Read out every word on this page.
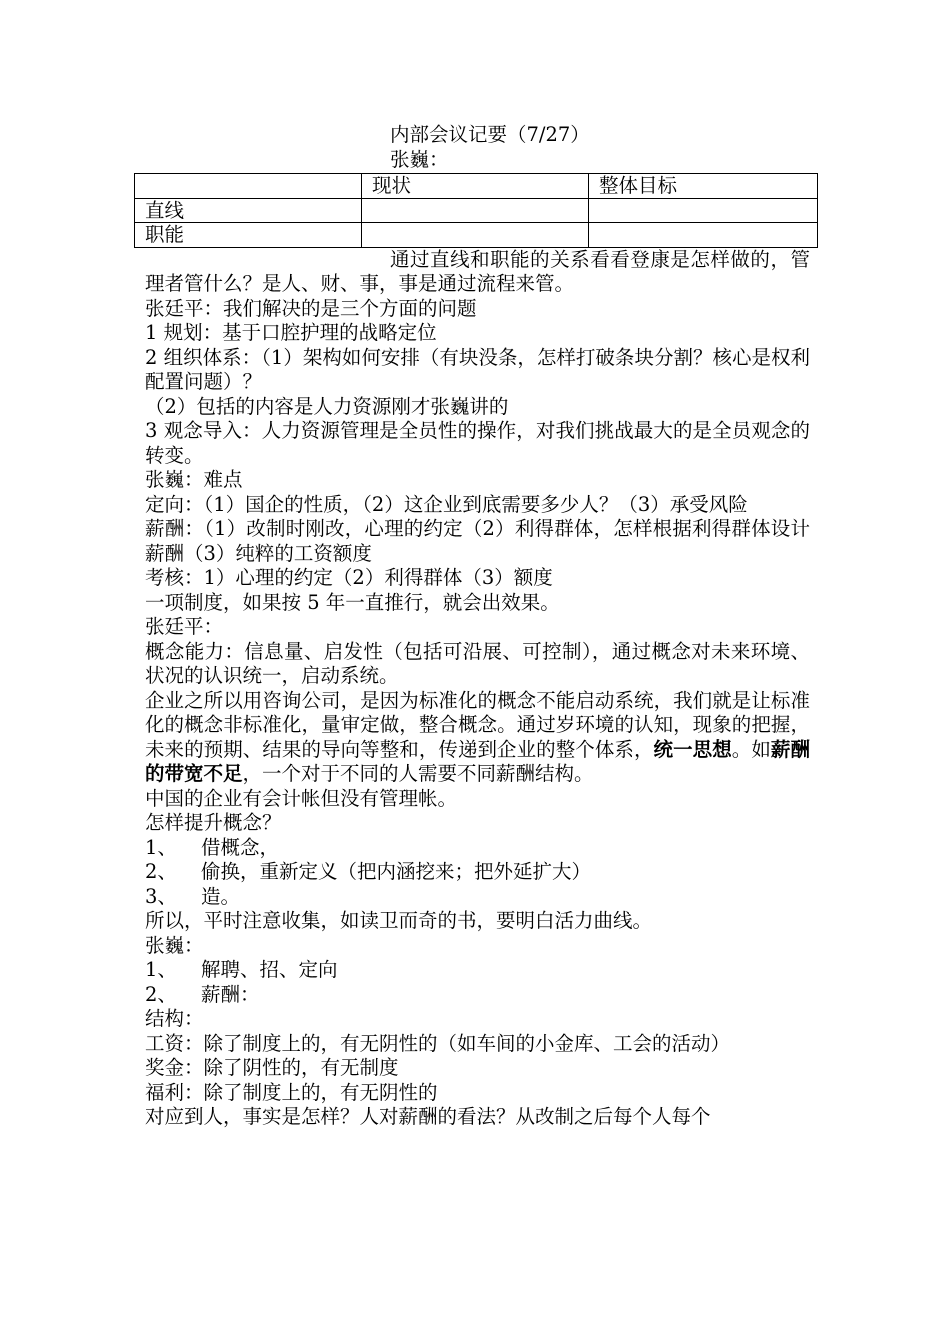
内部会议记要（7/27）
张巍：
	现状	整体目标
直线		
职能		

通过直线和职能的关系看看登康是怎样做的，管理者管什么？是人、财、事，事是通过流程来管。

张廷平：我们解决的是三个方面的问题

1 规划：基于口腔护理的战略定位

2 组织体系：（1）架构如何安排（有块没条，怎样打破条块分割？核心是权利配置问题）？

（2）包括的内容是人力资源刚才张巍讲的

3 观念导入：人力资源管理是全员性的操作，对我们挑战最大的是全员观念的转变。

张巍：难点

定向：（1）国企的性质，（2）这企业到底需要多少人？（3）承受风险

薪酬：（1）改制时刚改，心理的约定（2）利得群体，怎样根据利得群体设计薪酬（3）纯粹的工资额度

考核：1）心理的约定（2）利得群体（3）额度

一项制度，如果按 5 年一直推行，就会出效果。

张廷平：

概念能力：信息量、启发性（包括可沿展、可控制），通过概念对未来环境、状况的认识统一，启动系统。

企业之所以用咨询公司，是因为标准化的概念不能启动系统，我们就是让标准化的概念非标准化，量审定做，整合概念。通过岁环境的认知，现象的把握，未来的预期、结果的导向等整和，传递到企业的整个体系，统一思想。如薪酬的带宽不足，一个对于不同的人需要不同薪酬结构。

中国的企业有会计帐但没有管理帐。

怎样提升概念？

1、 借概念，

2、 偷换，重新定义（把内涵挖来；把外延扩大）

3、 造。

所以，平时注意收集，如读卫而奇的书，要明白活力曲线。

张巍：

1、 解聘、招、定向

2、 薪酬：

结构：

工资：除了制度上的，有无阴性的（如车间的小金库、工会的活动）

奖金：除了阴性的，有无制度

福利：除了制度上的，有无阴性的

对应到人，事实是怎样？人对薪酬的看法？从改制之后每个人每个
